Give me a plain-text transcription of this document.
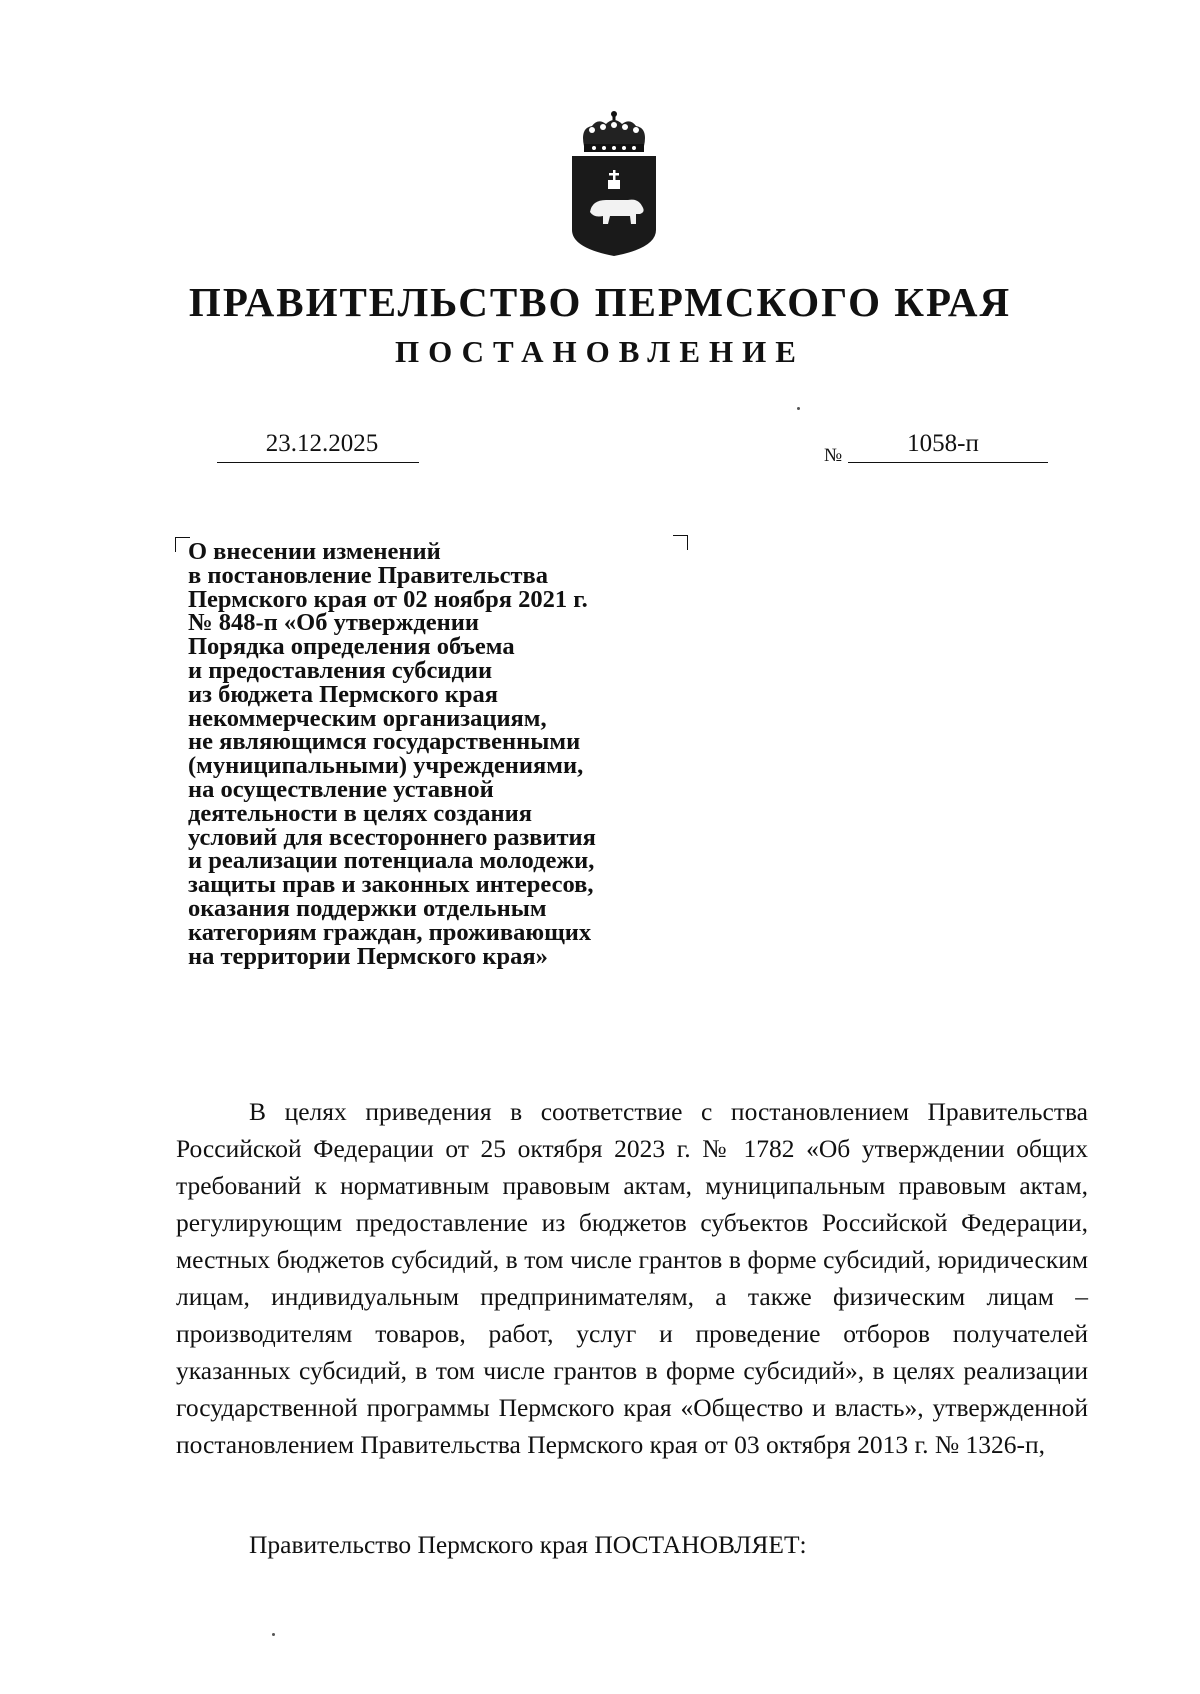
ПРАВИТЕЛЬСТВО ПЕРМСКОГО КРАЯ
ПОСТАНОВЛЕНИЕ
23.12.2025	№	1058-п

О внесении изменений
в постановление Правительства
Пермского края от 02 ноября 2021 г.
№ 848-п «Об утверждении
Порядка определения объема
и предоставления субсидии
из бюджета Пермского края
некоммерческим организациям,
не являющимся государственными
(муниципальными) учреждениями,
на осуществление уставной
деятельности в целях создания
условий для всестороннего развития
и реализации потенциала молодежи,
защиты прав и законных интересов,
оказания поддержки отдельным
категориям граждан, проживающих
на территории Пермского края»

В целях приведения в соответствие с постановлением Правительства Российской Федерации от 25 октября 2023 г. № 1782 «Об утверждении общих требований к нормативным правовым актам, муниципальным правовым актам, регулирующим предоставление из бюджетов субъектов Российской Федерации, местных бюджетов субсидий, в том числе грантов в форме субсидий, юридическим лицам, индивидуальным предпринимателям, а также физическим лицам – производителям товаров, работ, услуг и проведение отборов получателей указанных субсидий, в том числе грантов в форме субсидий», в целях реализации государственной программы Пермского края «Общество и власть», утвержденной постановлением Правительства Пермского края от 03 октября 2013 г. № 1326-п,

Правительство Пермского края ПОСТАНОВЛЯЕТ:
